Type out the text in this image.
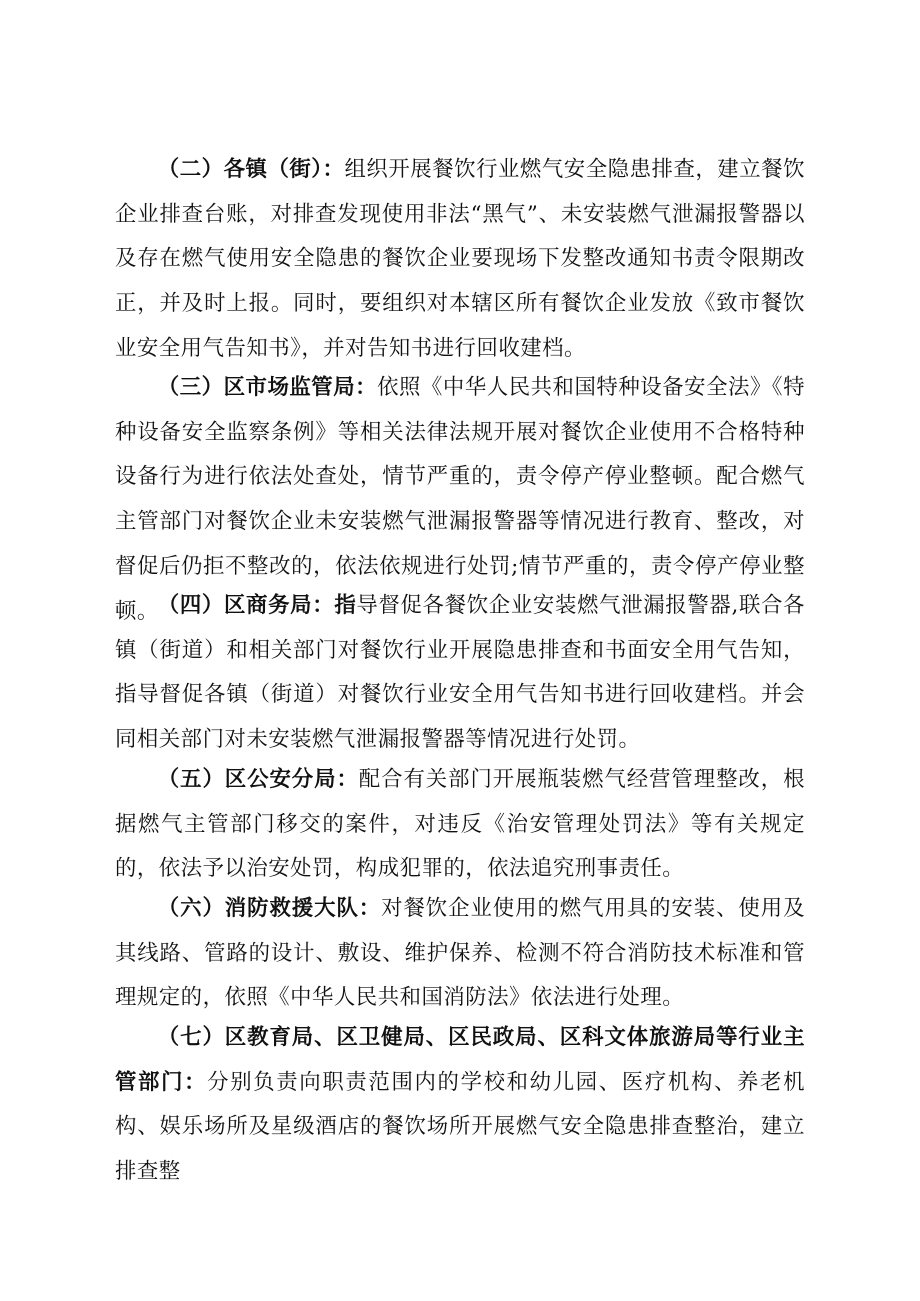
（二）各镇（街）：组织开展餐饮行业燃气安全隐患排查，建立餐饮企业排查台账，对排查发现使用非法“黑气”、未安装燃气泄漏报警器以及存在燃气使用安全隐患的餐饮企业要现场下发整改通知书责令限期改正，并及时上报。同时，要组织对本辖区所有餐饮企业发放《致市餐饮业安全用气告知书》，并对告知书进行回收建档。

（三）区市场监管局：依照《中华人民共和国特种设备安全法》《特种设备安全监察条例》等相关法律法规开展对餐饮企业使用不合格特种设备行为进行依法处查处，情节严重的，责令停产停业整顿。配合燃气主管部门对餐饮企业未安装燃气泄漏报警器等情况进行教育、整改，对督促后仍拒不整改的，依法依规进行处罚;情节严重的，责令停产停业整顿。 （四）区商务局：指导督促各餐饮企业安装燃气泄漏报警器,联合各镇（街道）和相关部门对餐饮行业开展隐患排查和书面安全用气告知，指导督促各镇（街道）对餐饮行业安全用气告知书进行回收建档。并会同相关部门对未安装燃气泄漏报警器等情况进行处罚。

（五）区公安分局：配合有关部门开展瓶装燃气经营管理整改，根据燃气主管部门移交的案件，对违反《治安管理处罚法》等有关规定的，依法予以治安处罚，构成犯罪的，依法追究刑事责任。

（六）消防救援大队：对餐饮企业使用的燃气用具的安装、使用及其线路、管路的设计、敷设、维护保养、检测不符合消防技术标准和管理规定的，依照《中华人民共和国消防法》依法进行处理。

（七）区教育局、区卫健局、区民政局、区科文体旅游局等行业主管部门：分别负责向职责范围内的学校和幼儿园、医疗机构、养老机构、娱乐场所及星级酒店的餐饮场所开展燃气安全隐患排查整治，建立排查整
